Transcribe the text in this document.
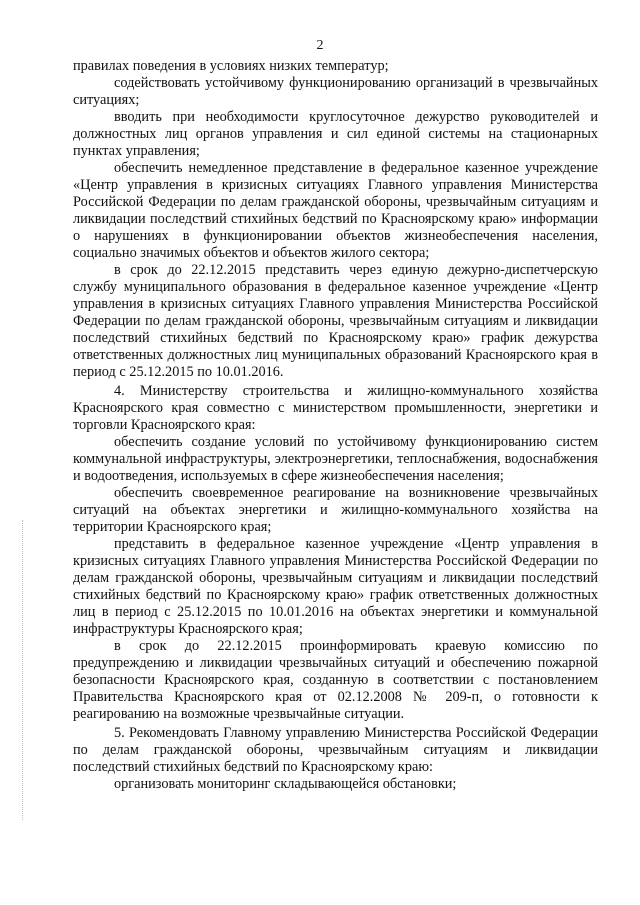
2

правилах поведения в условиях низких температур;

содействовать устойчивому функционированию организаций в чрезвычайных ситуациях;

вводить при необходимости круглосуточное дежурство руководителей и должностных лиц органов управления и сил единой системы на стационарных пунктах управления;

обеспечить немедленное представление в федеральное казенное учреждение «Центр управления в кризисных ситуациях Главного управления Министерства Российской Федерации по делам гражданской обороны, чрезвычайным ситуациям и ликвидации последствий стихийных бедствий по Красноярскому краю» информации о нарушениях в функционировании объектов жизнеобеспечения населения, социально значимых объектов и объектов жилого сектора;

в срок до 22.12.2015 представить через единую дежурно-диспетчерскую службу муниципального образования в федеральное казенное учреждение «Центр управления в кризисных ситуациях Главного управления Министерства Российской Федерации по делам гражданской обороны, чрезвычайным ситуациям и ликвидации последствий стихийных бедствий по Красноярскому краю» график дежурства ответственных должностных лиц муниципальных образований Красноярского края в период с 25.12.2015 по 10.01.2016.

4. Министерству строительства и жилищно-коммунального хозяйства Красноярского края совместно с министерством промышленности, энергетики и торговли Красноярского края:

обеспечить создание условий по устойчивому функционированию систем коммунальной инфраструктуры, электроэнергетики, теплоснабжения, водоснабжения и водоотведения, используемых в сфере жизнеобеспечения населения;

обеспечить своевременное реагирование на возникновение чрезвычайных ситуаций на объектах энергетики и жилищно-коммунального хозяйства на территории Красноярского края;

представить в федеральное казенное учреждение «Центр управления в кризисных ситуациях Главного управления Министерства Российской Федерации по делам гражданской обороны, чрезвычайным ситуациям и ликвидации последствий стихийных бедствий по Красноярскому краю» график ответственных должностных лиц в период с 25.12.2015 по 10.01.2016 на объектах энергетики и коммунальной инфраструктуры Красноярского края;

в срок до 22.12.2015 проинформировать краевую комиссию по предупреждению и ликвидации чрезвычайных ситуаций и обеспечению пожарной безопасности Красноярского края, созданную в соответствии с постановлением Правительства Красноярского края от 02.12.2008 № 209-п, о готовности к реагированию на возможные чрезвычайные ситуации.

5. Рекомендовать Главному управлению Министерства Российской Федерации по делам гражданской обороны, чрезвычайным ситуациям и ликвидации последствий стихийных бедствий по Красноярскому краю:

организовать мониторинг складывающейся обстановки;
